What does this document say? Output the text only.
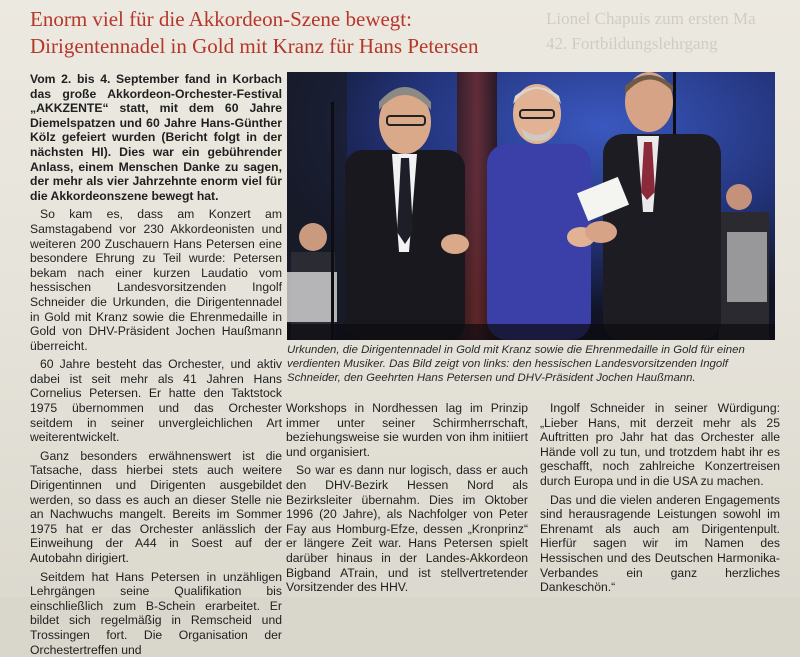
Lionel Chapuis zum ersten Ma
42. Fortbildungslehrgang
Enorm viel für die Akkordeon-Szene bewegt:
Dirigentennadel in Gold mit Kranz für Hans Petersen

Vom 2. bis 4. September fand in Korbach das große Akkordeon-Orchester-Festival „AKKZENTE“ statt, mit dem 60 Jahre Diemelspatzen und 60 Jahre Hans-Günther Kölz gefeiert wurden (Bericht folgt in der nächsten HI). Dies war ein gebührender Anlass, einem Menschen Danke zu sagen, der mehr als vier Jahrzehnte enorm viel für die Akkordeonszene bewegt hat.

So kam es, dass am Konzert am Samstagabend vor 230 Akkordeonisten und weiteren 200 Zuschauern Hans Petersen eine besondere Ehrung zu Teil wurde: Petersen bekam nach einer kurzen Laudatio vom hessischen Landesvorsitzenden Ingolf Schneider die Urkunden, die Dirigentennadel in Gold mit Kranz sowie die Ehrenmedaille in Gold von DHV-Präsident Jochen Haußmann überreicht.

60 Jahre besteht das Orchester, und aktiv dabei ist seit mehr als 41 Jahren Hans Cornelius Petersen. Er hatte den Taktstock 1975 übernommen und das Orchester seitdem in seiner unvergleichlichen Art weiterentwickelt.

Ganz besonders erwähnenswert ist die Tatsache, dass hierbei stets auch weitere Dirigentinnen und Dirigenten ausgebildet werden, so dass es auch an dieser Stelle nie an Nachwuchs mangelt. Bereits im Sommer 1975 hat er das Orchester anlässlich der Einweihung der A44 in Soest auf der Autobahn dirigiert.

Seitdem hat Hans Petersen in unzähligen Lehrgängen seine Qualifikation bis einschließlich zum B-Schein erarbeitet. Er bildet sich regelmäßig in Remscheid und Trossingen fort. Die Organisation der Orchestertreffen und

Urkunden, die Dirigentennadel in Gold mit Kranz sowie die Ehrenmedaille in Gold für einen verdienten Musiker. Das Bild zeigt von links: den hessischen Landesvorsitzenden Ingolf Schneider, den Geehrten Hans Petersen und DHV-Präsident Jochen Haußmann.

Workshops in Nordhessen lag im Prinzip immer unter seiner Schirmherrschaft, beziehungsweise sie wurden von ihm initiiert und organisiert.

So war es dann nur logisch, dass er auch den DHV-Bezirk Hessen Nord als Bezirksleiter übernahm. Dies im Oktober 1996 (20 Jahre), als Nachfolger von Peter Fay aus Homburg-Efze, dessen „Kronprinz“ er längere Zeit war. Hans Petersen spielt darüber hinaus in der Landes-Akkordeon Bigband ATrain, und ist stellvertretender Vorsitzender des HHV.

Ingolf Schneider in seiner Würdigung: „Lieber Hans, mit derzeit mehr als 25 Auftritten pro Jahr hat das Orchester alle Hände voll zu tun, und trotzdem habt ihr es geschafft, noch zahlreiche Konzertreisen durch Europa und in die USA zu machen.

Das und die vielen anderen Engagements sind herausragende Leistungen sowohl im Ehrenamt als auch am Dirigentenpult. Hierfür sagen wir im Namen des Hessischen und des Deutschen Harmonika-Verbandes ein ganz herzliches Dankeschön.“
